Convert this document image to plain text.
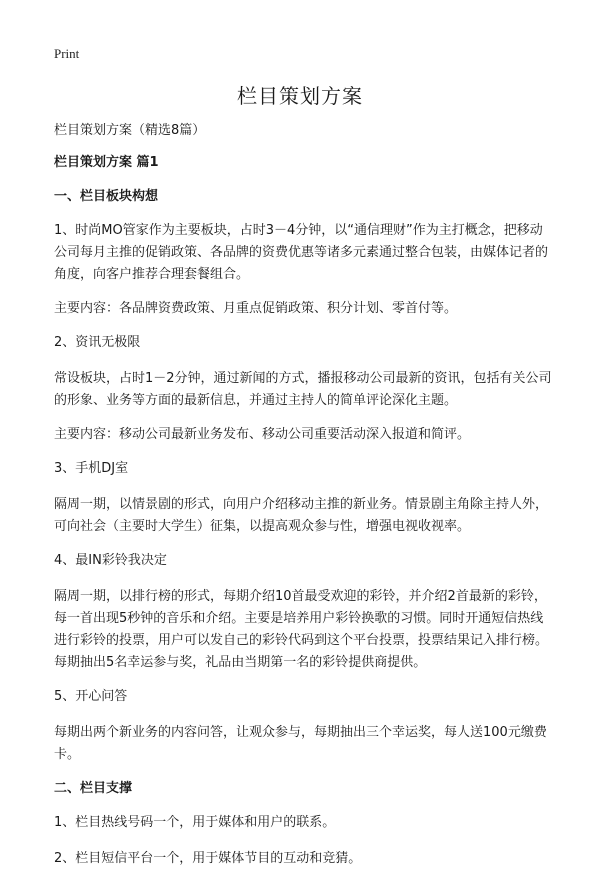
Print
栏目策划方案

栏目策划方案（精选8篇）

栏目策划方案 篇1

一、栏目板块构想

1、时尚MO管家作为主要板块，占时3－4分钟，以“通信理财”作为主打概念，把移动公司每月主推的促销政策、各品牌的资费优惠等诸多元素通过整合包装，由媒体记者的角度，向客户推荐合理套餐组合。

主要内容：各品牌资费政策、月重点促销政策、积分计划、零首付等。

2、资讯无极限

常设板块，占时1－2分钟，通过新闻的方式，播报移动公司最新的资讯，包括有关公司的形象、业务等方面的最新信息，并通过主持人的简单评论深化主题。

主要内容：移动公司最新业务发布、移动公司重要活动深入报道和简评。

3、手机DJ室

隔周一期，以情景剧的形式，向用户介绍移动主推的新业务。情景剧主角除主持人外，可向社会（主要时大学生）征集，以提高观众参与性，增强电视收视率。

4、最IN彩铃我决定

隔周一期，以排行榜的形式，每期介绍10首最受欢迎的彩铃，并介绍2首最新的彩铃，每一首出现5秒钟的音乐和介绍。主要是培养用户彩铃换歌的习惯。同时开通短信热线进行彩铃的投票，用户可以发自己的彩铃代码到这个平台投票，投票结果记入排行榜。每期抽出5名幸运参与奖，礼品由当期第一名的彩铃提供商提供。

5、开心问答

每期出两个新业务的内容问答，让观众参与，每期抽出三个幸运奖，每人送100元缴费卡。

二、栏目支撑

1、栏目热线号码一个，用于媒体和用户的联系。

2、栏目短信平台一个，用于媒体节目的互动和竞猜。
